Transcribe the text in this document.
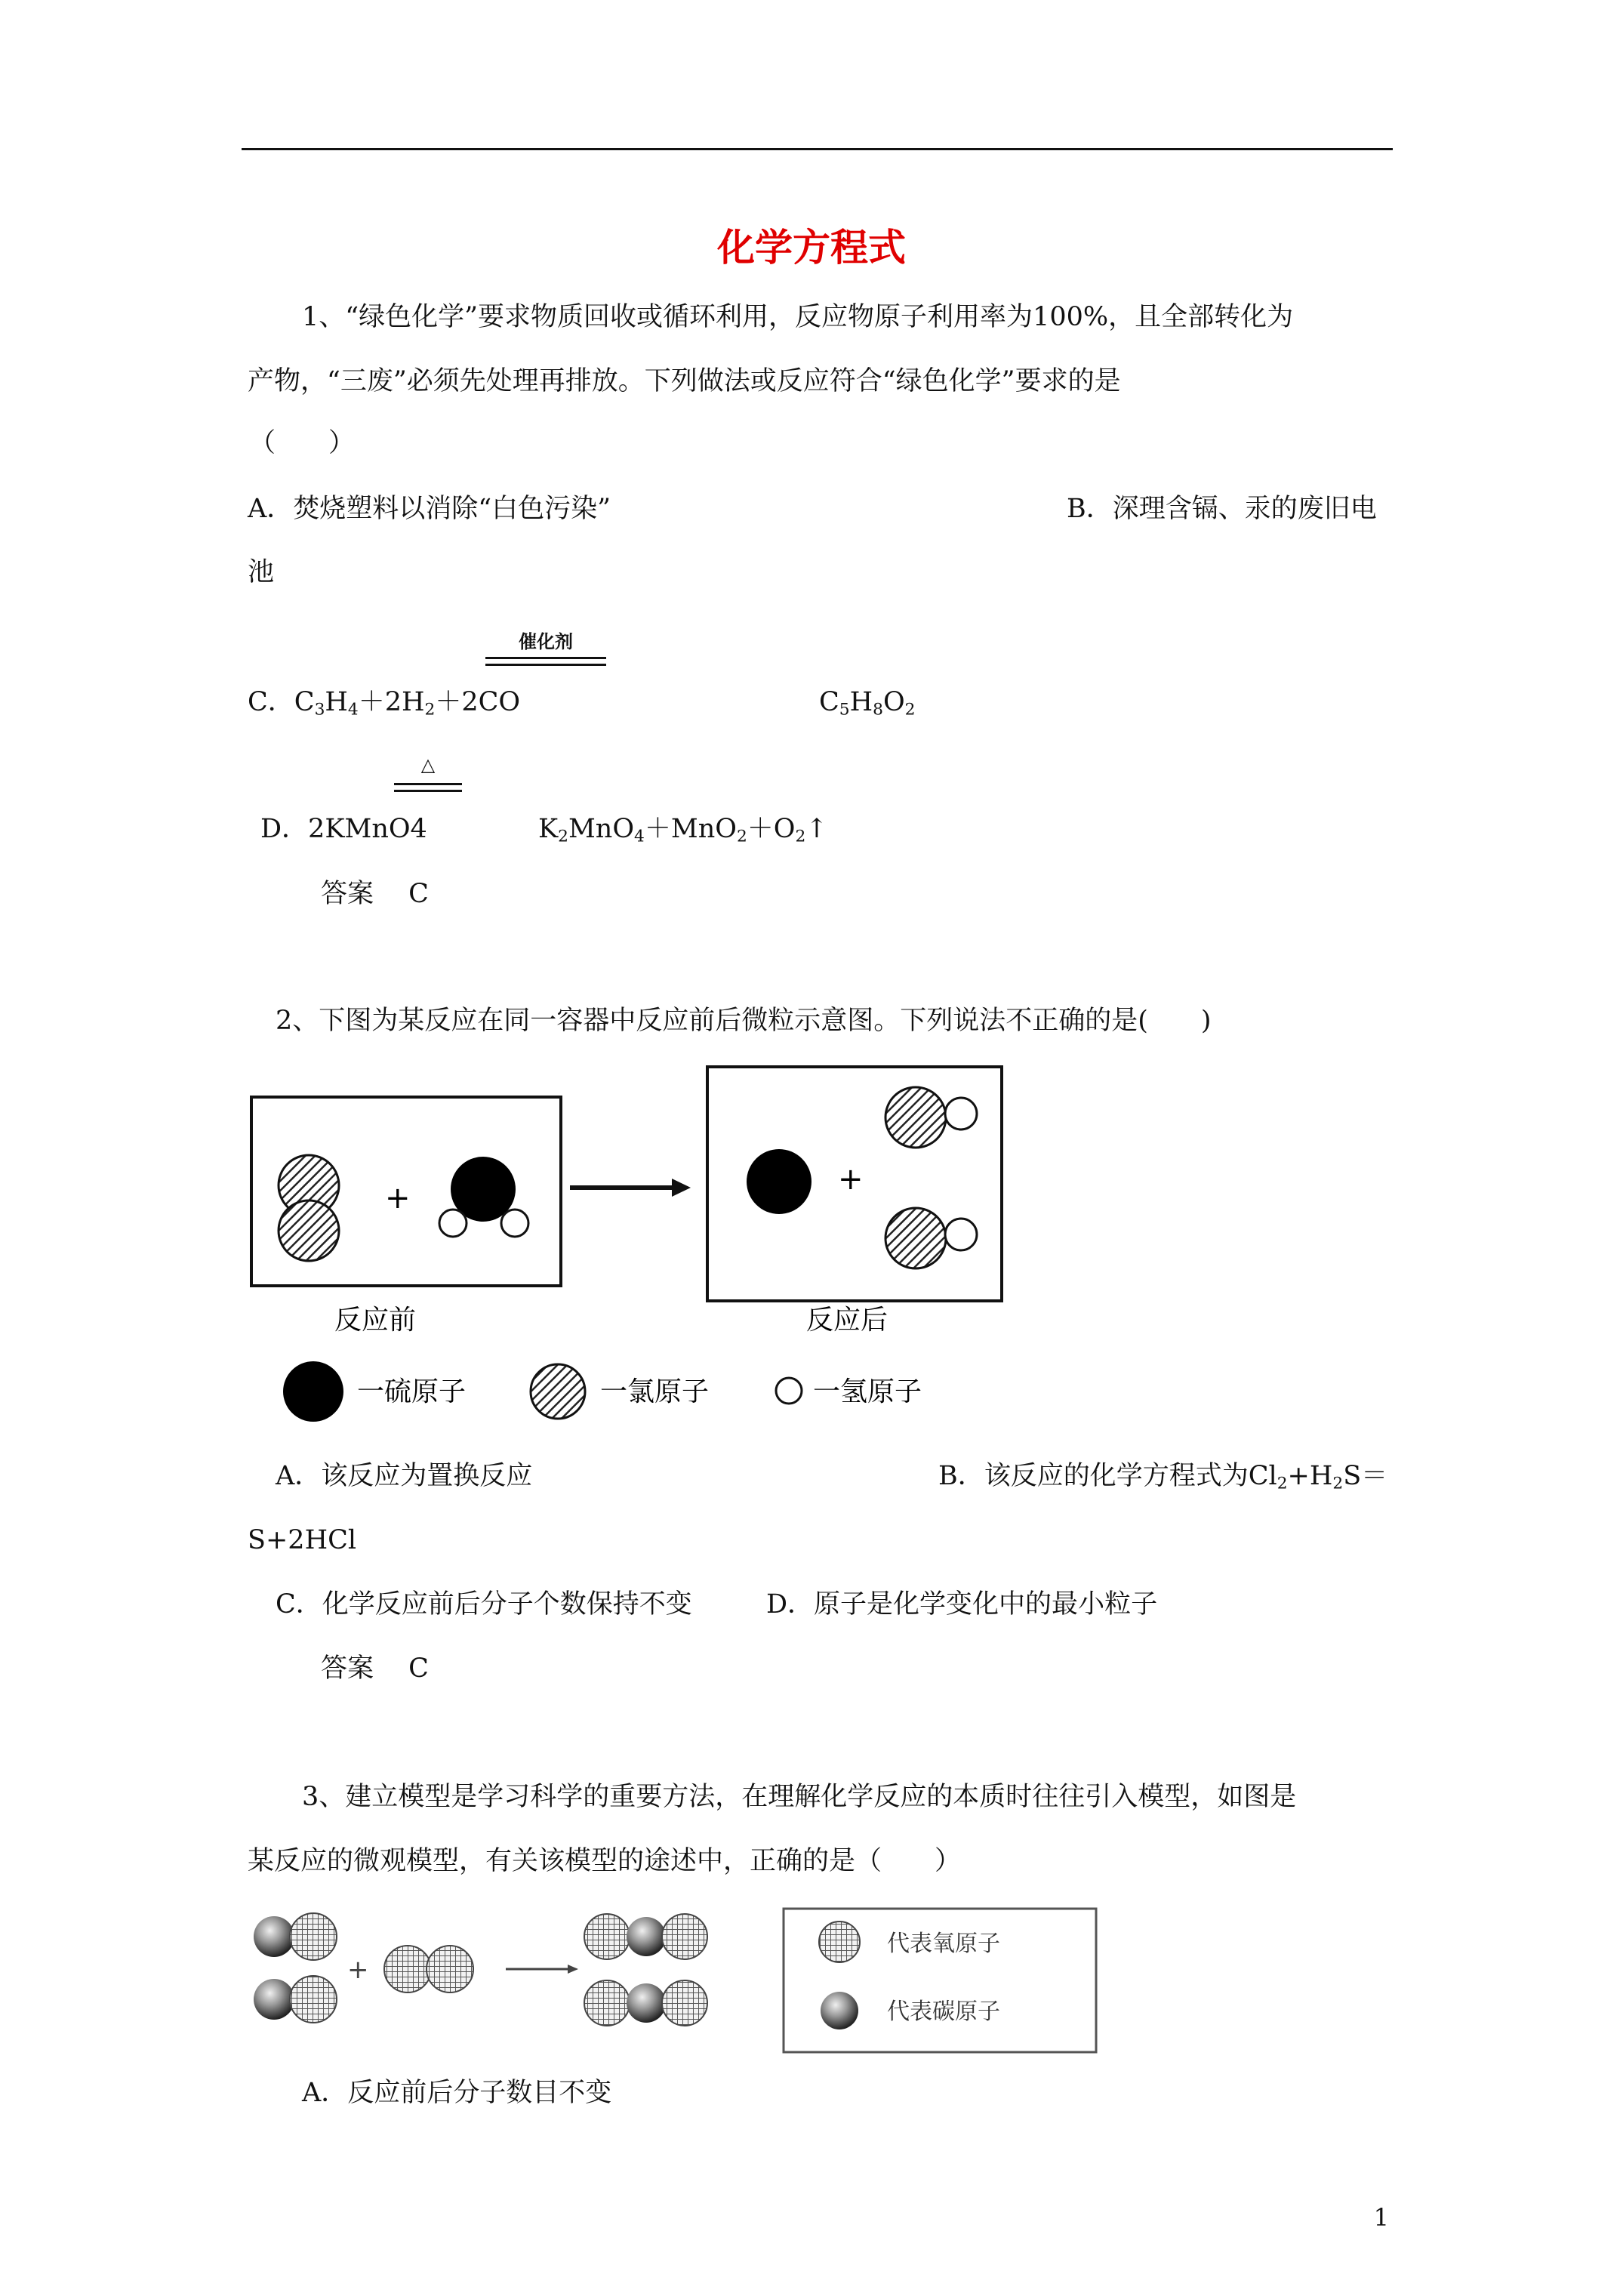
化学方程式
1、“绿色化学”要求物质回收或循环利用，反应物原子利用率为100%，且全部转化为
产物，“三废”必须先处理再排放。下列做法或反应符合“绿色化学”要求的是
（　　）
A．焚烧塑料以消除“白色污染”	B．深理含镉、汞的废旧电
池
催化剂
C．$C_3H_4+2H_2+2CO$	$C_5H_8O_2$
△
D．2KMnO4	$K_2MnO_4+MnO_2+O_2↑$
答案　 C
2、下图为某反应在同一容器中反应前后微粒示意图。下列说法不正确的是(　　)
+
+
反应前	反应后
一硫原子	一氯原子	一氢原子
A．该反应为置换反应	B．该反应的化学方程式为$Cl_2+H_2S=$
S+2HCl
C．化学反应前后分子个数保持不变	D．原子是化学变化中的最小粒子
答案　 C
3、建立模型是学习科学的重要方法，在理解化学反应的本质时往往引入模型，如图是
某反应的微观模型，有关该模型的途述中，正确的是（　　）
+
代表氧原子
代表碳原子
A．反应前后分子数目不变
1
